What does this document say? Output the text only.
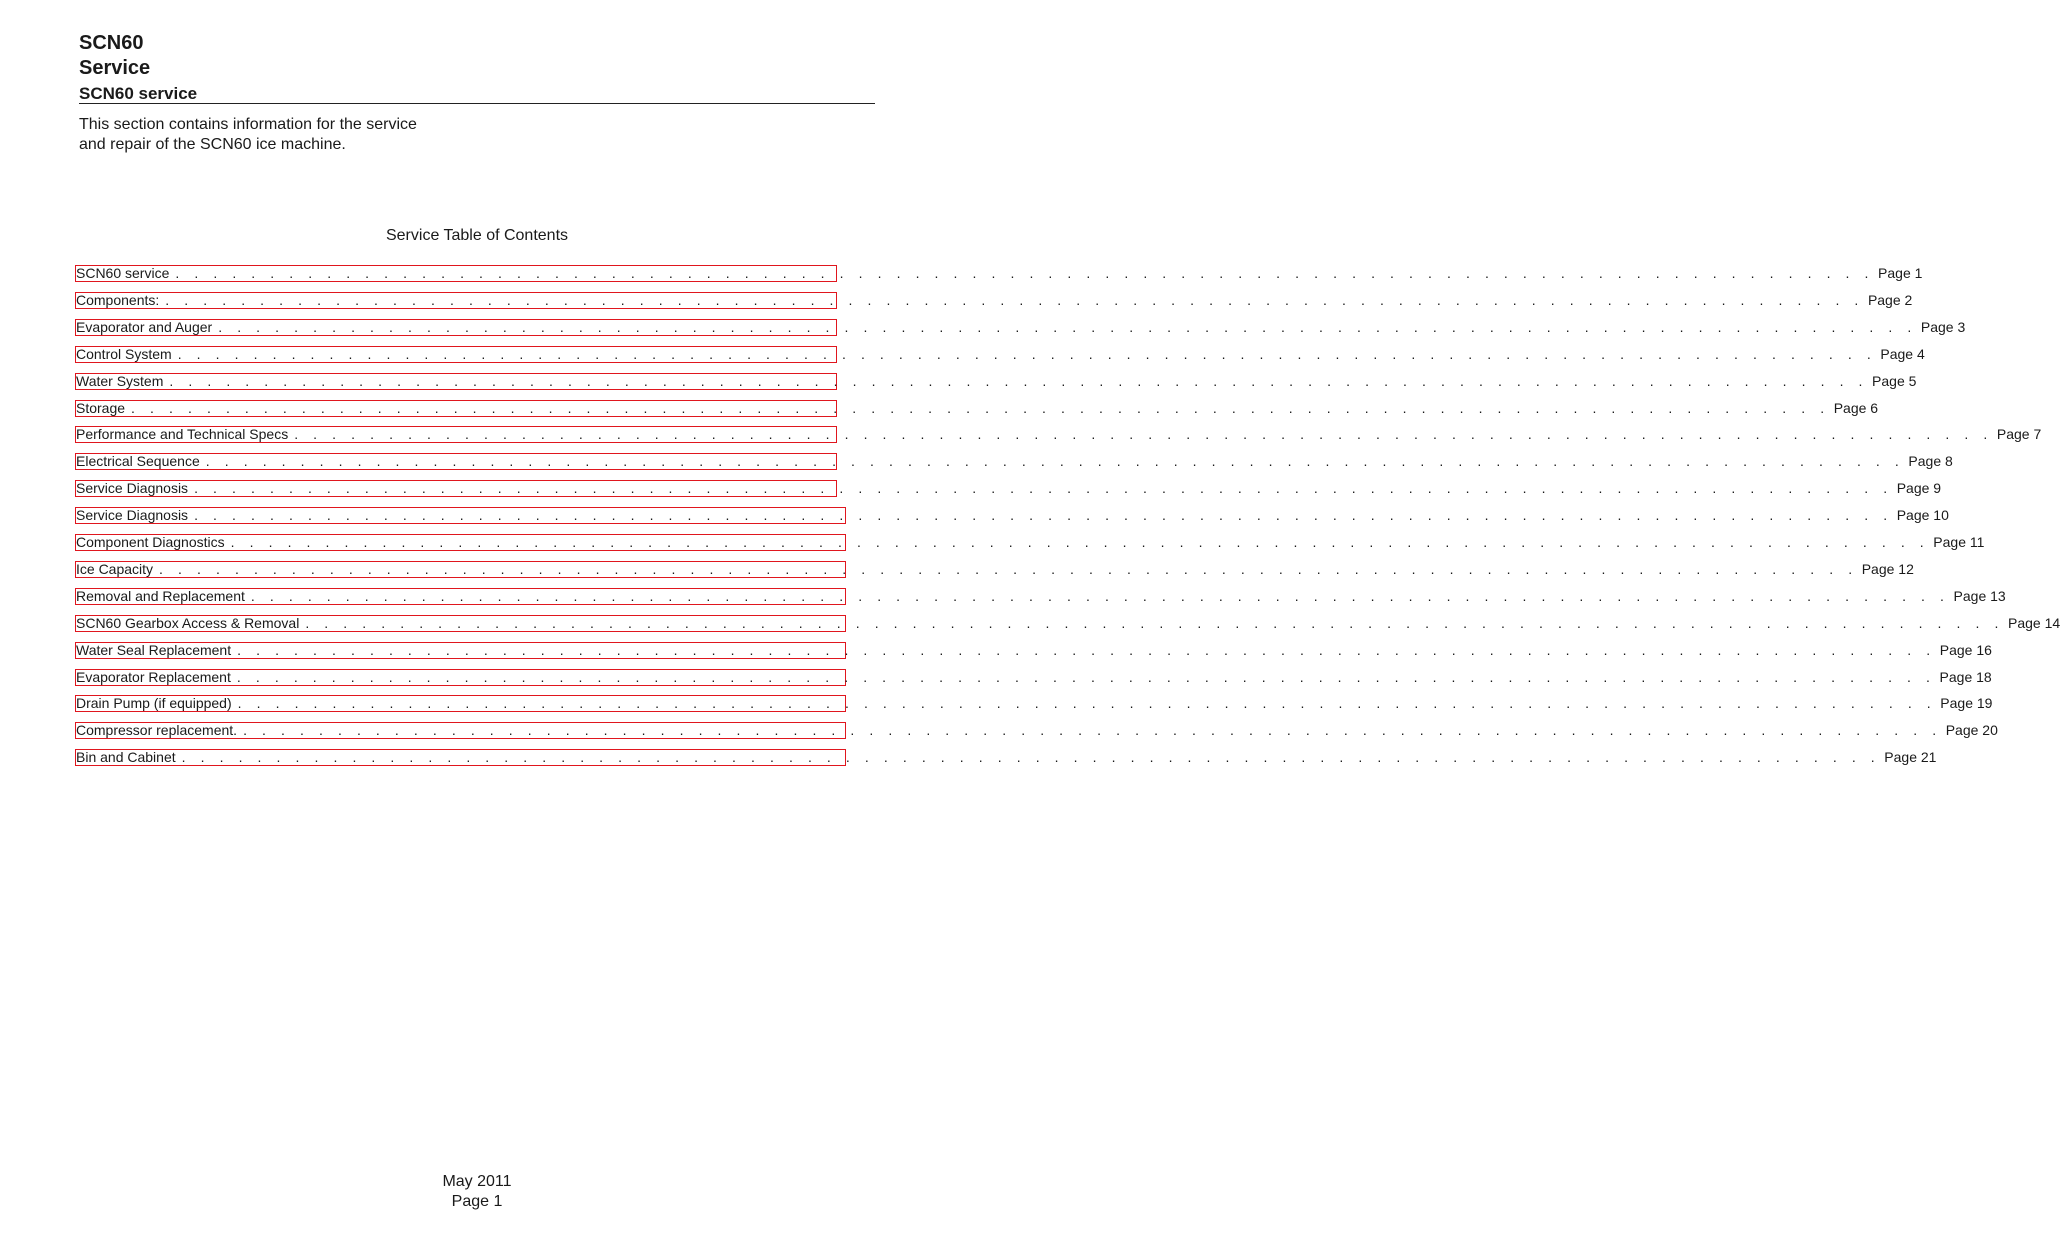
SCN60
Service
SCN60 service
This section contains information for the service
and repair of the SCN60 ice machine.
Service Table of Contents
SCN60 service . . . . . . . . . . . . . . . . . . . . . . . . . . . . . . . . . . . . . . . . . . . . . . . . . . . . . . . . . . . . . . . . . . . . . . . . . . . . . . . . . . . . . . . . . . Page 1
Components: . . . . . . . . . . . . . . . . . . . . . . . . . . . . . . . . . . . . . . . . . . . . . . . . . . . . . . . . . . . . . . . . . . . . . . . . . . . . . . . . . . . . . . . . . . Page 2
Evaporator and Auger . . . . . . . . . . . . . . . . . . . . . . . . . . . . . . . . . . . . . . . . . . . . . . . . . . . . . . . . . . . . . . . . . . . . . . . . . . . . . . . . . . . . . . . . . . Page 3
Control System . . . . . . . . . . . . . . . . . . . . . . . . . . . . . . . . . . . . . . . . . . . . . . . . . . . . . . . . . . . . . . . . . . . . . . . . . . . . . . . . . . . . . . . . . . Page 4
Water System . . . . . . . . . . . . . . . . . . . . . . . . . . . . . . . . . . . . . . . . . . . . . . . . . . . . . . . . . . . . . . . . . . . . . . . . . . . . . . . . . . . . . . . . . . Page 5
Storage . . . . . . . . . . . . . . . . . . . . . . . . . . . . . . . . . . . . . . . . . . . . . . . . . . . . . . . . . . . . . . . . . . . . . . . . . . . . . . . . . . . . . . . . . . Page 6
Performance and Technical Specs . . . . . . . . . . . . . . . . . . . . . . . . . . . . . . . . . . . . . . . . . . . . . . . . . . . . . . . . . . . . . . . . . . . . . . . . . . . . . . . . . . . . . . . . . . Page 7
Electrical Sequence . . . . . . . . . . . . . . . . . . . . . . . . . . . . . . . . . . . . . . . . . . . . . . . . . . . . . . . . . . . . . . . . . . . . . . . . . . . . . . . . . . . . . . . . . . Page 8
Service Diagnosis . . . . . . . . . . . . . . . . . . . . . . . . . . . . . . . . . . . . . . . . . . . . . . . . . . . . . . . . . . . . . . . . . . . . . . . . . . . . . . . . . . . . . . . . . . Page 9
Service Diagnosis . . . . . . . . . . . . . . . . . . . . . . . . . . . . . . . . . . . . . . . . . . . . . . . . . . . . . . . . . . . . . . . . . . . . . . . . . . . . . . . . . . . . . . . . . . Page 10
Component Diagnostics . . . . . . . . . . . . . . . . . . . . . . . . . . . . . . . . . . . . . . . . . . . . . . . . . . . . . . . . . . . . . . . . . . . . . . . . . . . . . . . . . . . . . . . . . . Page 11
Ice Capacity . . . . . . . . . . . . . . . . . . . . . . . . . . . . . . . . . . . . . . . . . . . . . . . . . . . . . . . . . . . . . . . . . . . . . . . . . . . . . . . . . . . . . . . . . . Page 12
Removal and Replacement . . . . . . . . . . . . . . . . . . . . . . . . . . . . . . . . . . . . . . . . . . . . . . . . . . . . . . . . . . . . . . . . . . . . . . . . . . . . . . . . . . . . . . . . . . Page 13
SCN60 Gearbox Access & Removal . . . . . . . . . . . . . . . . . . . . . . . . . . . . . . . . . . . . . . . . . . . . . . . . . . . . . . . . . . . . . . . . . . . . . . . . . . . . . . . . . . . . . . . . . . Page 14
Water Seal Replacement . . . . . . . . . . . . . . . . . . . . . . . . . . . . . . . . . . . . . . . . . . . . . . . . . . . . . . . . . . . . . . . . . . . . . . . . . . . . . . . . . . . . . . . . . . Page 16
Evaporator Replacement . . . . . . . . . . . . . . . . . . . . . . . . . . . . . . . . . . . . . . . . . . . . . . . . . . . . . . . . . . . . . . . . . . . . . . . . . . . . . . . . . . . . . . . . . . Page 18
Drain Pump (if equipped) . . . . . . . . . . . . . . . . . . . . . . . . . . . . . . . . . . . . . . . . . . . . . . . . . . . . . . . . . . . . . . . . . . . . . . . . . . . . . . . . . . . . . . . . . . Page 19
Compressor replacement. . . . . . . . . . . . . . . . . . . . . . . . . . . . . . . . . . . . . . . . . . . . . . . . . . . . . . . . . . . . . . . . . . . . . . . . . . . . . . . . . . . . . . . . . . . Page 20
Bin and Cabinet . . . . . . . . . . . . . . . . . . . . . . . . . . . . . . . . . . . . . . . . . . . . . . . . . . . . . . . . . . . . . . . . . . . . . . . . . . . . . . . . . . . . . . . . . . Page 21
May 2011
Page 1
